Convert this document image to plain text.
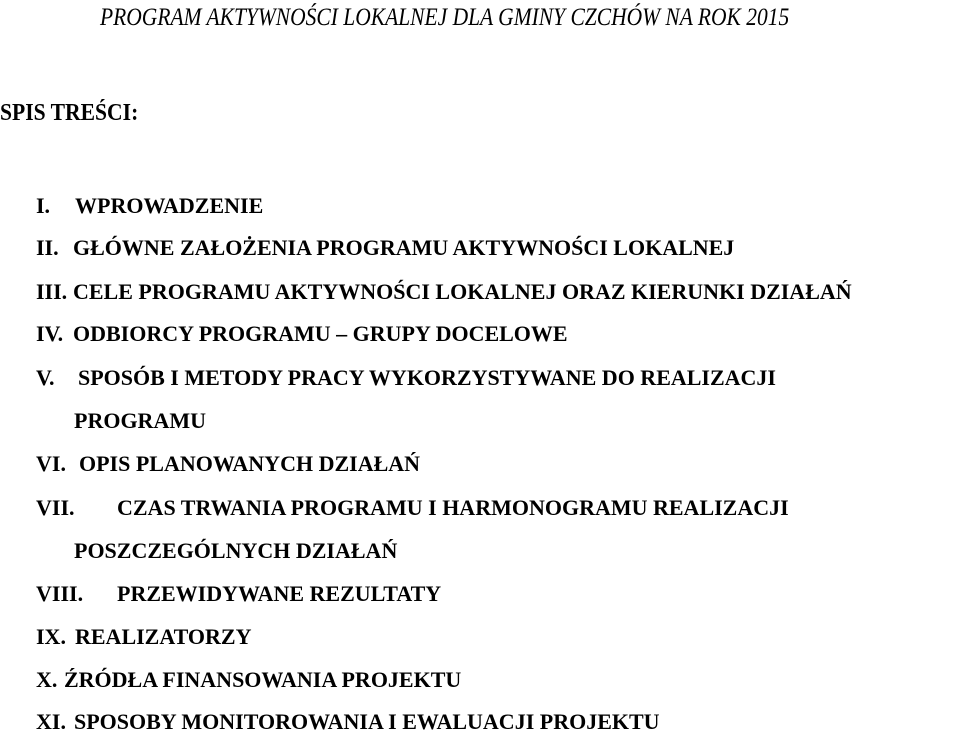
PROGRAM AKTYWNOŚCI LOKALNEJ DLA GMINY CZCHÓW NA ROK 2015
SPIS TREŚCI:
I. WPROWADZENIE
II. GŁÓWNE ZAŁOŻENIA PROGRAMU AKTYWNOŚCI LOKALNEJ
III. CELE PROGRAMU AKTYWNOŚCI LOKALNEJ ORAZ KIERUNKI DZIAŁAŃ
IV. ODBIORCY PROGRAMU – GRUPY DOCELOWE
V. SPOSÓB I METODY PRACY WYKORZYSTYWANE DO REALIZACJI
PROGRAMU
VI. OPIS PLANOWANYCH DZIAŁAŃ
VII. CZAS TRWANIA PROGRAMU I HARMONOGRAMU REALIZACJI
POSZCZEGÓLNYCH DZIAŁAŃ
VIII. PRZEWIDYWANE REZULTATY
IX. REALIZATORZY
X. ŹRÓDŁA FINANSOWANIA PROJEKTU
XI. SPOSOBY MONITOROWANIA I EWALUACJI PROJEKTU
